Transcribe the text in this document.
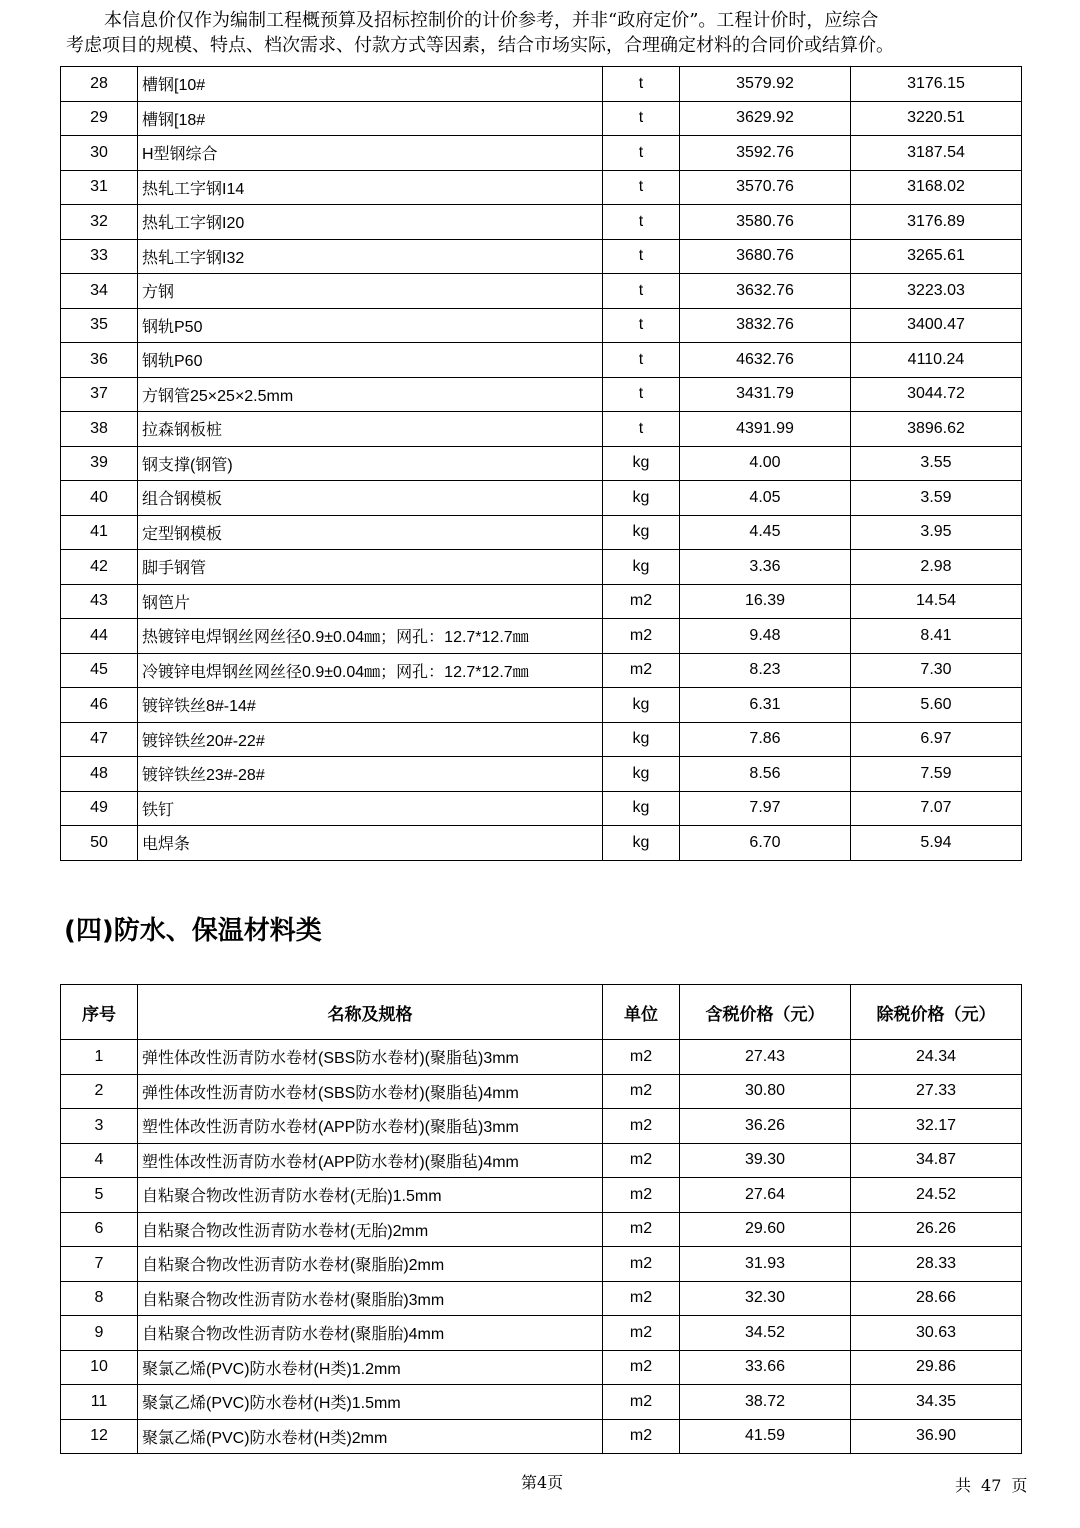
本信息价仅作为编制工程概预算及招标控制价的计价参考，并非“政府定价”。工程计价时，应综合

考虑项目的规模、特点、档次需求、付款方式等因素，结合市场实际，合理确定材料的合同价或结算价。

28	槽钢[10#	t	3579.92	3176.15
29	槽钢[18#	t	3629.92	3220.51
30	H型钢综合	t	3592.76	3187.54
31	热轧工字钢I14	t	3570.76	3168.02
32	热轧工字钢I20	t	3580.76	3176.89
33	热轧工字钢I32	t	3680.76	3265.61
34	方钢	t	3632.76	3223.03
35	钢轨P50	t	3832.76	3400.47
36	钢轨P60	t	4632.76	4110.24
37	方钢管25×25×2.5mm	t	3431.79	3044.72
38	拉森钢板桩	t	4391.99	3896.62
39	钢支撑(钢管)	kg	4.00	3.55
40	组合钢模板	kg	4.05	3.59
41	定型钢模板	kg	4.45	3.95
42	脚手钢管	kg	3.36	2.98
43	钢笆片	m2	16.39	14.54
44	热镀锌电焊钢丝网丝径0.9±0.04㎜；网孔：12.7*12.7㎜	m2	9.48	8.41
45	冷镀锌电焊钢丝网丝径0.9±0.04㎜；网孔：12.7*12.7㎜	m2	8.23	7.30
46	镀锌铁丝8#-14#	kg	6.31	5.60
47	镀锌铁丝20#-22#	kg	7.86	6.97
48	镀锌铁丝23#-28#	kg	8.56	7.59
49	铁钉	kg	7.97	7.07
50	电焊条	kg	6.70	5.94
(四)防水、保温材料类
序号	名称及规格	单位	含税价格（元）	除税价格（元）
1	弹性体改性沥青防水卷材(SBS防水卷材)(聚脂毡)3mm	m2	27.43	24.34
2	弹性体改性沥青防水卷材(SBS防水卷材)(聚脂毡)4mm	m2	30.80	27.33
3	塑性体改性沥青防水卷材(APP防水卷材)(聚脂毡)3mm	m2	36.26	32.17
4	塑性体改性沥青防水卷材(APP防水卷材)(聚脂毡)4mm	m2	39.30	34.87
5	自粘聚合物改性沥青防水卷材(无胎)1.5mm	m2	27.64	24.52
6	自粘聚合物改性沥青防水卷材(无胎)2mm	m2	29.60	26.26
7	自粘聚合物改性沥青防水卷材(聚脂胎)2mm	m2	31.93	28.33
8	自粘聚合物改性沥青防水卷材(聚脂胎)3mm	m2	32.30	28.66
9	自粘聚合物改性沥青防水卷材(聚脂胎)4mm	m2	34.52	30.63
10	聚氯乙烯(PVC)防水卷材(H类)1.2mm	m2	33.66	29.86
11	聚氯乙烯(PVC)防水卷材(H类)1.5mm	m2	38.72	34.35
12	聚氯乙烯(PVC)防水卷材(H类)2mm	m2	41.59	36.90
第4页	共 47 页
